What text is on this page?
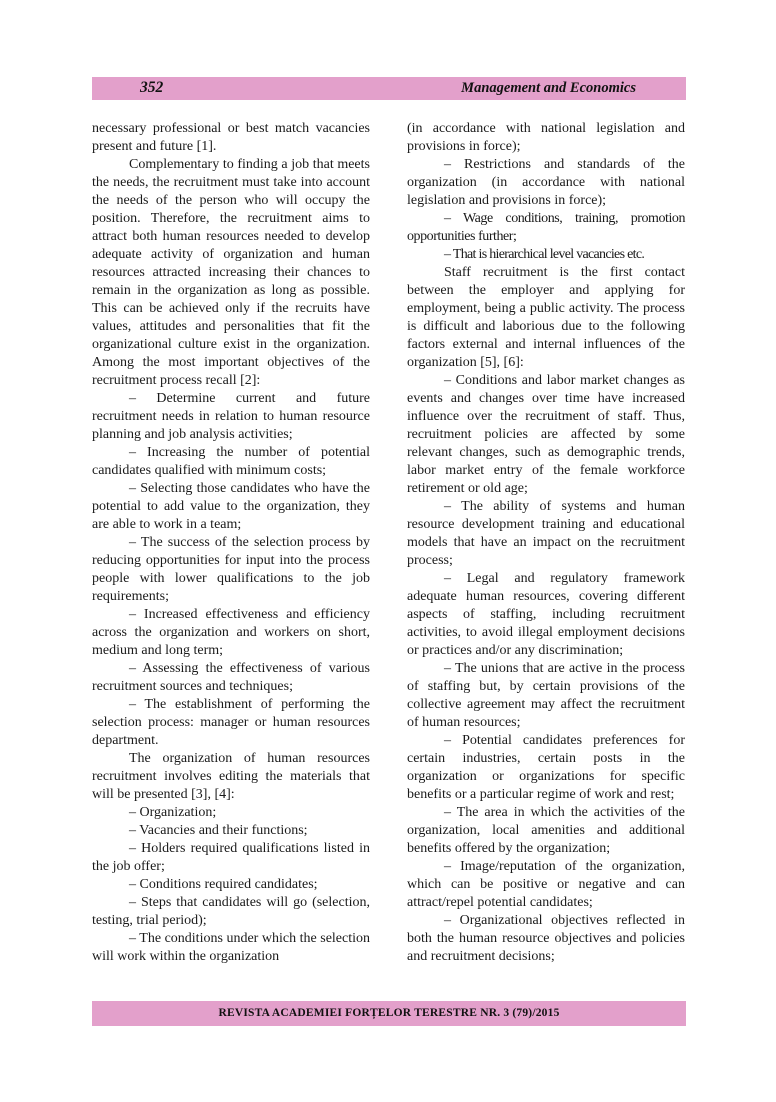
352	Management and Economics

necessary professional or best match vacancies present and future [1].

Complementary to finding a job that meets the needs, the recruitment must take into account the needs of the person who will occupy the position. Therefore, the recruitment aims to attract both human resources needed to develop adequate activity of organization and human resources attracted increasing their chances to remain in the organization as long as possible. This can be achieved only if the recruits have values, attitudes and personalities that fit the organizational culture exist in the organization. Among the most important objectives of the recruitment process recall [2]:

– Determine current and future recruitment needs in relation to human resource planning and job analysis activities;

– Increasing the number of potential candidates qualified with minimum costs;

– Selecting those candidates who have the potential to add value to the organization, they are able to work in a team;

– The success of the selection process by reducing opportunities for input into the process people with lower qualifications to the job requirements;

– Increased effectiveness and efficiency across the organization and workers on short, medium and long term;

– Assessing the effectiveness of various recruitment sources and techniques;

– The establishment of performing the selection process: manager or human resources department.

The organization of human resources recruitment involves editing the materials that will be presented [3], [4]:

– Organization;

– Vacancies and their functions;

– Holders required qualifications listed in the job offer;

– Conditions required candidates;

– Steps that candidates will go (selection, testing, trial period);

– The conditions under which the selection will work within the organization

(in accordance with national legislation and provisions in force);

– Restrictions and standards of the organization (in accordance with national legislation and provisions in force);

– Wage conditions, training, promotion opportunities further;

– That is hierarchical level vacancies etc.

Staff recruitment is the first contact between the employer and applying for employment, being a public activity. The process is difficult and laborious due to the following factors external and internal influences of the organization [5], [6]:

– Conditions and labor market changes as events and changes over time have increased influence over the recruitment of staff. Thus, recruitment policies are affected by some relevant changes, such as demographic trends, labor market entry of the female workforce retirement or old age;

– The ability of systems and human resource development training and educational models that have an impact on the recruitment process;

– Legal and regulatory framework adequate human resources, covering different aspects of staffing, including recruitment activities, to avoid illegal employment decisions or practices and/or any discrimination;

– The unions that are active in the process of staffing but, by certain provisions of the collective agreement may affect the recruitment of human resources;

– Potential candidates preferences for certain industries, certain posts in the organization or organizations for specific benefits or a particular regime of work and rest;

– The area in which the activities of the organization, local amenities and additional benefits offered by the organization;

– Image/reputation of the organization, which can be positive or negative and can attract/repel potential candidates;

– Organizational objectives reflected in both the human resource objectives and policies and recruitment decisions;

REVISTA ACADEMIEI FORȚELOR TERESTRE NR. 3 (79)/2015
